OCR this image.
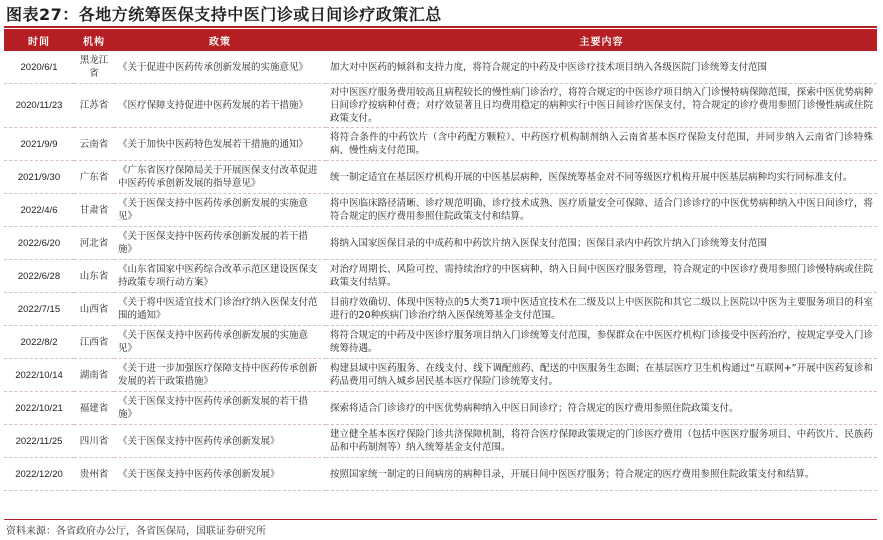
图表27：各地方统筹医保支持中医门诊或日间诊疗政策汇总
时间	机构	政策	主要内容
2020/6/1	黑龙江省	《关于促进中医药传承创新发展的实施意见》	加大对中医药的倾斜和支持力度，将符合规定的中药及中医诊疗技术项目纳入各级医院门诊统筹支付范围
2020/11/23	江苏省	《医疗保障支持促进中医药发展的若干措施》	对中医医疗服务费用较高且病程较长的慢性病门诊治疗，将符合规定的中医诊疗项目纳入门诊慢特病保障范围，探索中医优势病种日间诊疗按病种付费；对疗效显著且日均费用稳定的病种实行中医日间诊疗医保支付，符合规定的诊疗费用参照门诊慢性病或住院政策支付。
2021/9/9	云南省	《关于加快中医药特色发展若干措施的通知》	将符合条件的中药饮片（含中药配方颗粒）、中药医疗机构制剂纳入云南省基本医疗保险支付范围，并同步纳入云南省门诊特殊病、慢性病支付范围。
2021/9/30	广东省	《广东省医疗保障局关于开展医保支付改革促进中医药传承创新发展的指导意见》	统一制定适宜在基层医疗机构开展的中医基层病种，医保统筹基金对不同等级医疗机构开展中医基层病种均实行同标准支付。
2022/4/6	甘肃省	《关于医保支持中医药传承创新发展的实施意见》	将中医临床路径清晰、诊疗规范明确、诊疗技术成熟、医疗质量安全可保障、适合门诊诊疗的中医优势病种纳入中医日间诊疗，将符合规定的医疗费用参照住院政策支付和结算。
2022/6/20	河北省	《关于医保支持中医药传承创新发展的若干措施》	将纳入国家医保目录的中成药和中药饮片纳入医保支付范围；医保目录内中药饮片纳入门诊统筹支付范围
2022/6/28	山东省	《山东省国家中医药综合改革示范区建设医保支持政策专项行动方案》	对治疗周期长、风险可控、需持续治疗的中医病种，纳入日间中医医疗服务管理，符合规定的中医诊疗费用参照门诊慢特病或住院政策支付结算。
2022/7/15	山西省	《关于将中医适宜技术门诊治疗纳入医保支付范围的通知》	目前疗效确切、体现中医特点的5大类71项中医适宜技术在二级及以上中医医院和其它二级以上医院以中医为主要服务项目的科室进行的20种疾病门诊治疗纳入医保统筹基金支付范围。
2022/8/2	江西省	《关于医保支持中医药传承创新发展的实施意见》	将符合规定的中药及中医诊疗服务项目纳入门诊统筹支付范围，参保群众在中医医疗机构门诊接受中医药治疗，按规定享受入门诊统筹待遇。
2022/10/14	湖南省	《关于进一步加强医疗保障支持中医药传承创新发展的若干政策措施》	构建县域中医药服务、在线支付、线下调配煎药、配送的中医服务生态圈；在基层医疗卫生机构通过“互联网+”开展中医药复诊和药品费用可纳入城乡居民基本医疗保险门诊统筹支付。
2022/10/21	福建省	《关于医保支持中医药传承创新发展的若干措施》	探索将适合门诊诊疗的中医优势病种纳入中医日间诊疗；符合规定的医疗费用参照住院政策支付。
2022/11/25	四川省	《关于医保支持中医药传承创新发展》	建立健全基本医疗保险门诊共济保障机制，将符合医疗保障政策规定的门诊医疗费用（包括中医医疗服务项目、中药饮片、民族药品和中药制剂等）纳入统筹基金支付范围。
2022/12/20	贵州省	《关于医保支持中医药传承创新发展》	按照国家统一制定的日间病房的病种目录，开展日间中医医疗服务；符合规定的医疗费用参照住院政策支付和结算。
资料来源：各省政府办公厅，各省医保局，国联证券研究所
